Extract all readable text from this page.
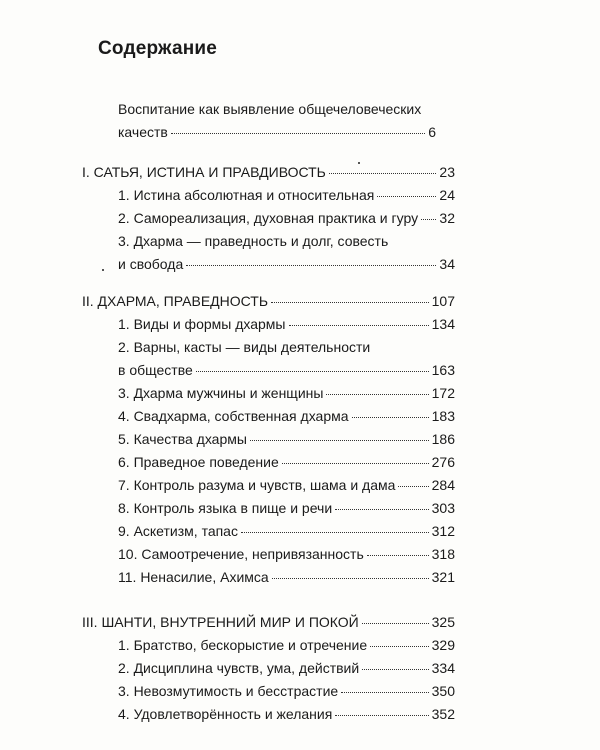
Содержание
Воспитание как выявление общечеловеческих
качеств	6
I. САТЬЯ, ИСТИНА И ПРАВДИВОСТЬ	23
1. Истина абсолютная и относительная	24
2. Самореализация, духовная практика и гуру 32
3. Дхарма — праведность и долг, совесть
и свобода	34
II. ДХАРМА, ПРАВЕДНОСТЬ	107
1. Виды и формы дхармы	134
2. Варны, касты — виды деятельности
в обществе	163
3. Дхарма мужчины и женщины	172
4. Свадхарма, собственная дхарма	183
5. Качества дхармы	186
6. Праведное поведение	276
7. Контроль разума и чувств, шама и дама	284
8. Контроль языка в пище и речи	303
9. Аскетизм, тапас	312
10. Самоотречение, непривязанность	318
11. Ненасилие, Ахимса	321
III. ШАНТИ, ВНУТРЕННИЙ МИР И ПОКОЙ	325
1. Братство, бескорыстие и отречение	329
2. Дисциплина чувств, ума, действий	334
3. Невозмутимость и бесстрастие	350
4. Удовлетворённость и желания	352
